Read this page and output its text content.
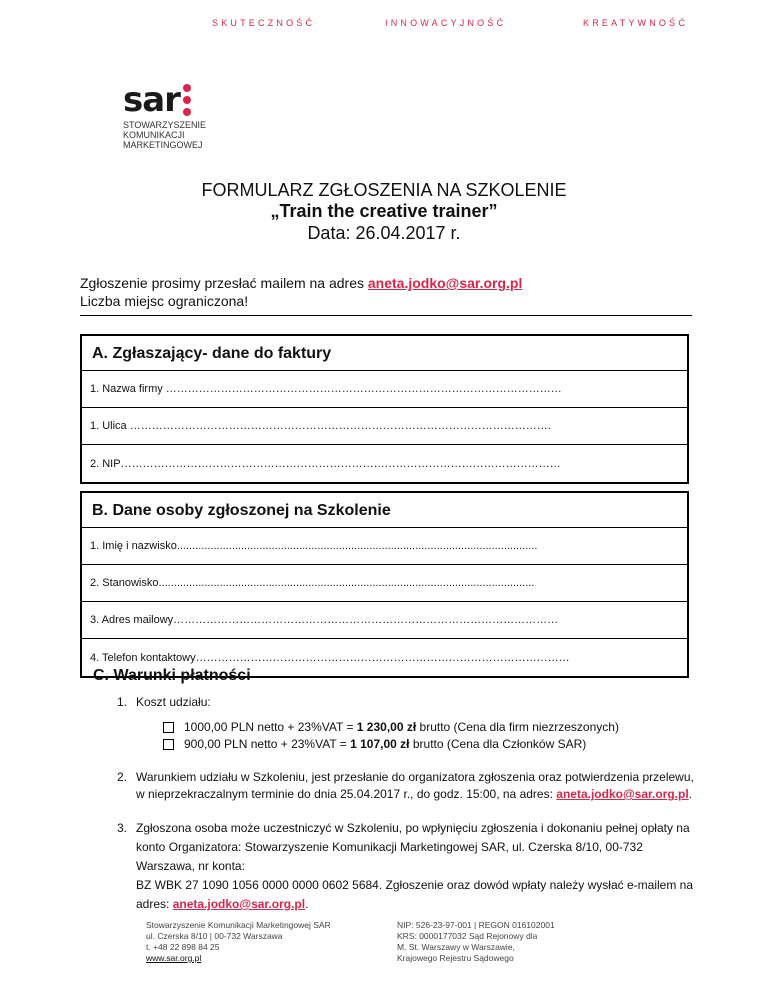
SKUTECZNOŚĆ	INNOWACYJNOŚĆ	KREATYWNOŚĆ
sar
STOWARZYSZENIE
KOMUNIKACJI
MARKETINGOWEJ
FORMULARZ ZGŁOSZENIA NA SZKOLENIE
„Train the creative trainer”
Data: 26.04.2017 r.
Zgłoszenie prosimy przesłać mailem na adres aneta.jodko@sar.org.pl
Liczba miejsc ograniczona!
A. Zgłaszający- dane do faktury
1. Nazwa firmy ………………………………………………………………………………………………
1. Ulica …………………………………………………………………………………………………….
2. NIP…………………………………………………………………………………………………………
B. Dane osoby zgłoszonej na Szkolenie
1. Imię i nazwisko......................................................................................................................
2. Stanowisko...........................................................................................................................
3. Adres mailowy……………………………………………………………………………………………
4. Telefon kontaktowy…………………………………………………………………………………………
C. Warunki płatności
1. Koszt udziału:
1000,00 PLN netto + 23%VAT = 1 230,00 zł brutto (Cena dla firm niezrzeszonych)
900,00 PLN netto + 23%VAT = 1 107,00 zł brutto (Cena dla Członków SAR)
2. Warunkiem udziału w Szkoleniu, jest przesłanie do organizatora zgłoszenia oraz potwierdzenia przelewu, w nieprzekraczalnym terminie do dnia 25.04.2017 r., do godz. 15:00, na adres: aneta.jodko@sar.org.pl.
3. Zgłoszona osoba może uczestniczyć w Szkoleniu, po wpłynięciu zgłoszenia i dokonaniu pełnej opłaty na konto Organizatora: Stowarzyszenie Komunikacji Marketingowej SAR, ul. Czerska 8/10, 00-732 Warszawa, nr konta:
BZ WBK 27 1090 1056 0000 0000 0602 5684. Zgłoszenie oraz dowód wpłaty należy wysłać e-mailem na adres: aneta.jodko@sar.org.pl.
Stowarzyszenie Komunikacji Marketingowej SAR
ul. Czerska 8/10 | 00-732 Warszawa
t. +48 22 898 84 25
www.sar.org.pl
NIP: 526-23-97-001 | REGON 016102001
KRS: 0000177032 Sąd Rejonowy dla
M. St. Warszawy w Warszawie,
Krajowego Rejestru Sądowego
